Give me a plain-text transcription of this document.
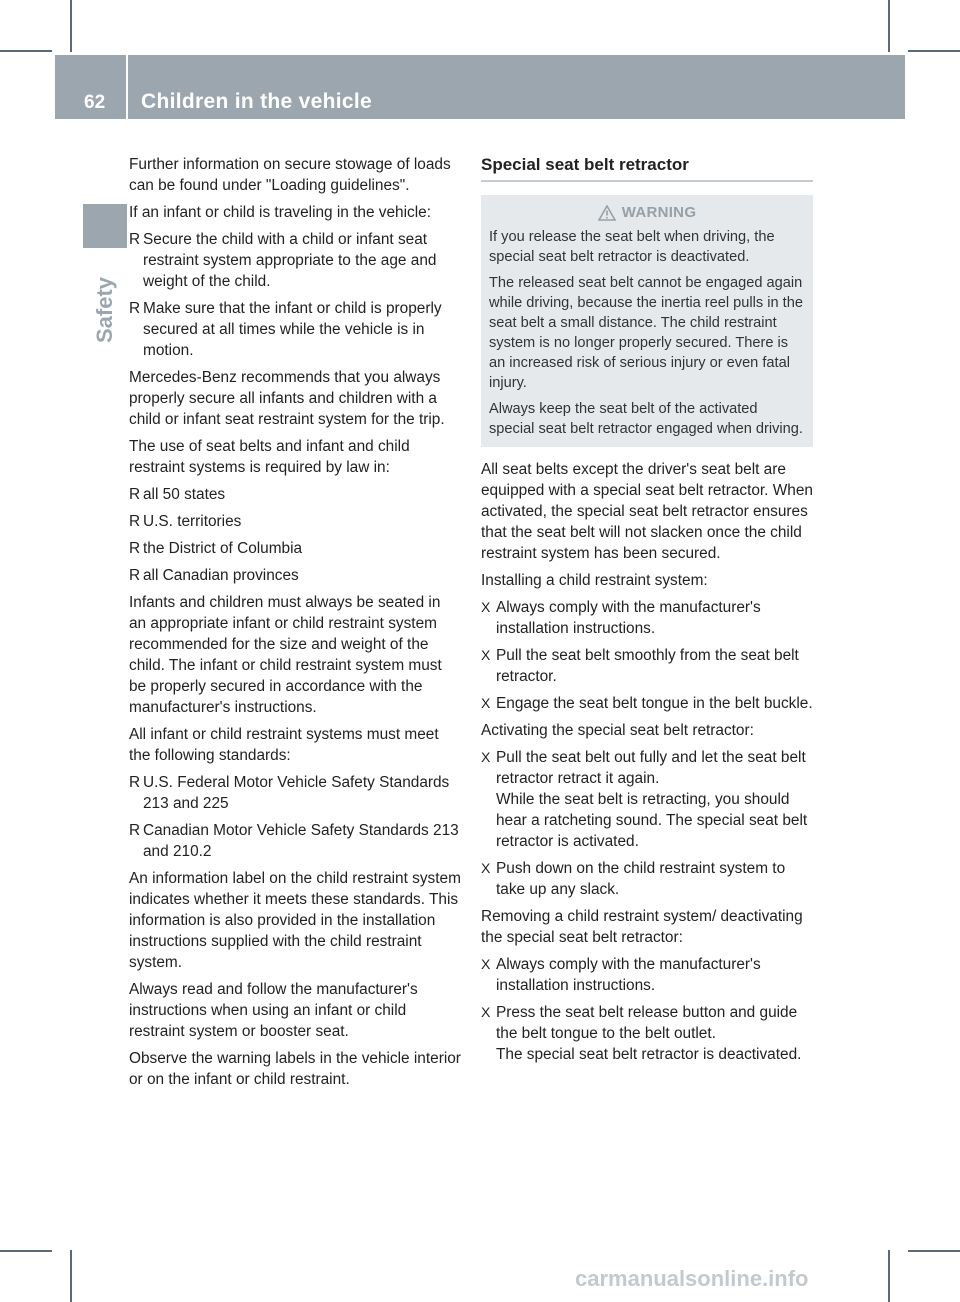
62 Children in the vehicle
Safety

Further information on secure stowage of loads can be found under "Loading guidelines".

If an infant or child is traveling in the vehicle:

R Secure the child with a child or infant seat restraint system appropriate to the age and weight of the child.
R Make sure that the infant or child is properly secured at all times while the vehicle is in motion.

Mercedes-Benz recommends that you always properly secure all infants and children with a child or infant seat restraint system for the trip.

The use of seat belts and infant and child restraint systems is required by law in:

R all 50 states
R U.S. territories
R the District of Columbia
R all Canadian provinces

Infants and children must always be seated in an appropriate infant or child restraint system recommended for the size and weight of the child. The infant or child restraint system must be properly secured in accordance with the manufacturer's instructions.

All infant or child restraint systems must meet the following standards:

R U.S. Federal Motor Vehicle Safety Standards 213 and 225
R Canadian Motor Vehicle Safety Standards 213 and 210.2

An information label on the child restraint system indicates whether it meets these standards. This information is also provided in the installation instructions supplied with the child restraint system.

Always read and follow the manufacturer's instructions when using an infant or child restraint system or booster seat.

Observe the warning labels in the vehicle interior or on the infant or child restraint.

Special seat belt retractor
WARNING

If you release the seat belt when driving, the special seat belt retractor is deactivated.

The released seat belt cannot be engaged again while driving, because the inertia reel pulls in the seat belt a small distance. The child restraint system is no longer properly secured. There is an increased risk of serious injury or even fatal injury.

Always keep the seat belt of the activated special seat belt retractor engaged when driving.

All seat belts except the driver's seat belt are equipped with a special seat belt retractor. When activated, the special seat belt retractor ensures that the seat belt will not slacken once the child restraint system has been secured.

Installing a child restraint system:

X Always comply with the manufacturer's installation instructions.
X Pull the seat belt smoothly from the seat belt retractor.
X Engage the seat belt tongue in the belt buckle.

Activating the special seat belt retractor:

X Pull the seat belt out fully and let the seat belt retractor retract it again.
While the seat belt is retracting, you should hear a ratcheting sound. The special seat belt retractor is activated.
X Push down on the child restraint system to take up any slack.

Removing a child restraint system/ deactivating the special seat belt retractor:

X Always comply with the manufacturer's installation instructions.
X Press the seat belt release button and guide the belt tongue to the belt outlet.
The special seat belt retractor is deactivated.
carmanualsonline.info
